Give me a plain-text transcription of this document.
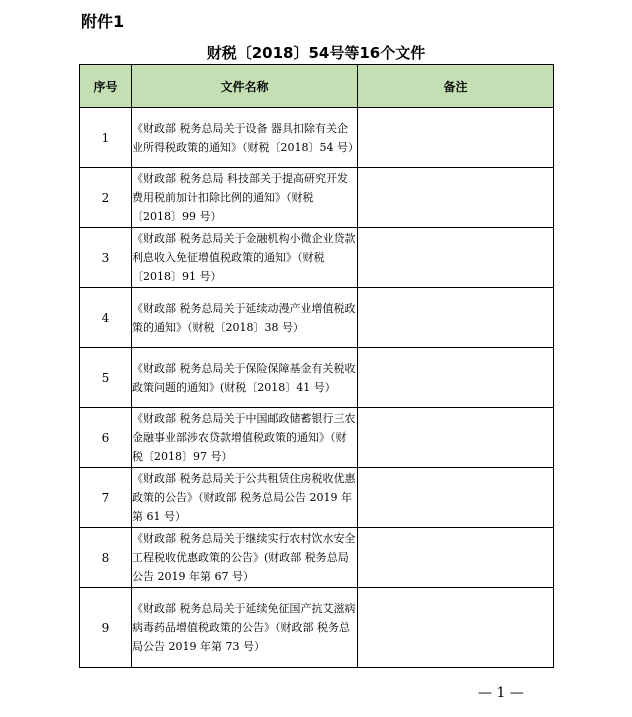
附件1
财税〔2018〕54号等16个文件
序号	文件名称	备注
1	《财政部 税务总局关于设备 器具扣除有关企业所得税政策的通知》（财税〔2018〕54 号）	
2	《财政部 税务总局 科技部关于提高研究开发费用税前加计扣除比例的通知》（财税〔2018〕99 号）	
3	《财政部 税务总局关于金融机构小微企业贷款利息收入免征增值税政策的通知》（财税〔2018〕91 号）	
4	《财政部 税务总局关于延续动漫产业增值税政策的通知》（财税〔2018〕38 号）	
5	《财政部 税务总局关于保险保障基金有关税收政策问题的通知》(财税〔2018〕41 号）	
6	《财政部 税务总局关于中国邮政储蓄银行三农金融事业部涉农贷款增值税政策的通知》（财税〔2018〕97 号）	
7	《财政部 税务总局关于公共租赁住房税收优惠政策的公告》（财政部 税务总局公告 2019 年第 61 号）	
8	《财政部 税务总局关于继续实行农村饮水安全工程税收优惠政策的公告》(财政部 税务总局公告 2019 年第 67 号）	
9	《财政部 税务总局关于延续免征国产抗艾滋病病毒药品增值税政策的公告》（财政部 税务总局公告 2019 年第 73 号）	
— 1 —
